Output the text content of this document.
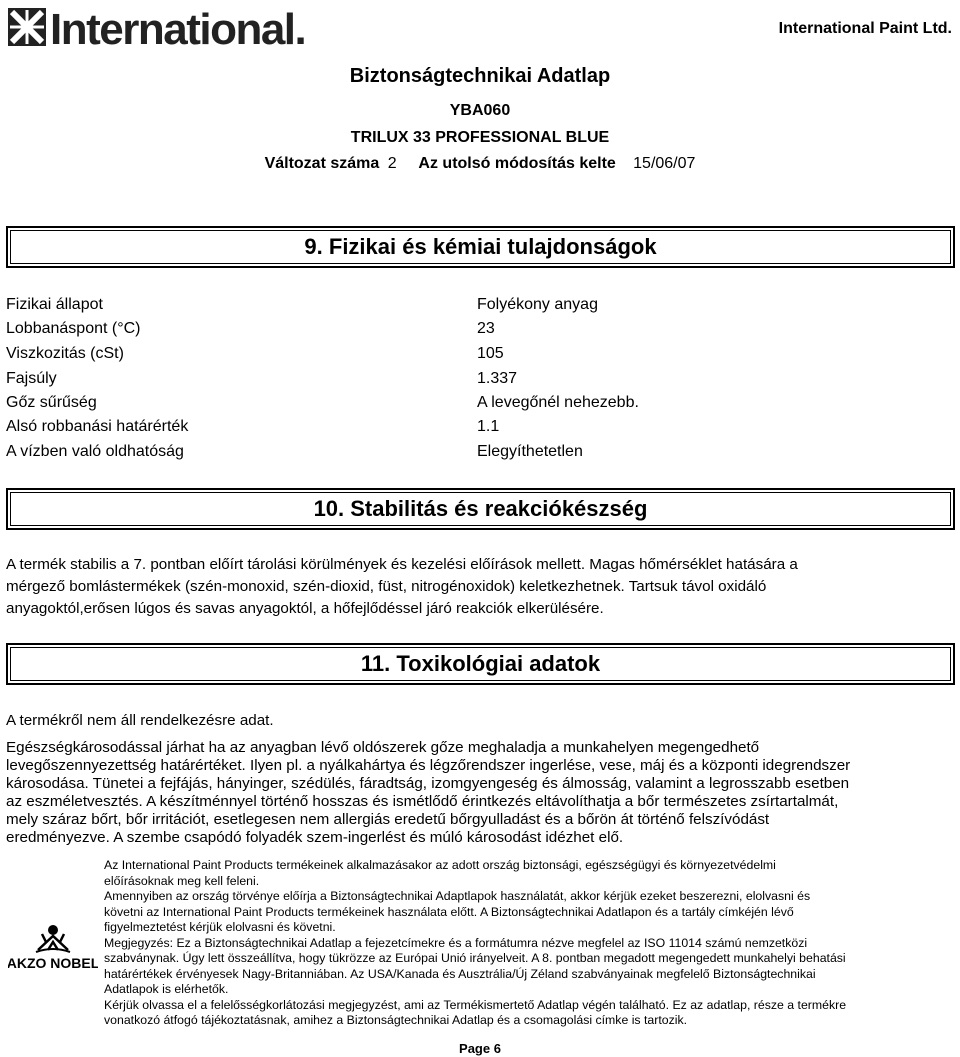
International.	International Paint Ltd.
Biztonságtechnikai Adatlap
YBA060
TRILUX 33 PROFESSIONAL BLUE
Változat száma 2 Az utolsó módosítás kelte 15/06/07
9. Fizikai és kémiai tulajdonságok
Fizikai állapot	Folyékony anyag
Lobbanáspont (°C)	23
Viszkozitás (cSt)	105
Fajsúly	1.337
Gőz sűrűség	A levegőnél nehezebb.
Alsó robbanási határérték	1.1
A vízben való oldhatóság	Elegyíthetetlen
10. Stabilitás és reakciókészség
A termék stabilis a 7. pontban előírt tárolási körülmények és kezelési előírások mellett. Magas hőmérséklet hatására a
mérgező bomlástermékek (szén-monoxid, szén-dioxid, füst, nitrogénoxidok) keletkezhetnek. Tartsuk távol oxidáló
anyagoktól,erősen lúgos és savas anyagoktól, a hőfejlődéssel járó reakciók elkerülésére.
11. Toxikológiai adatok
A termékről nem áll rendelkezésre adat.
Egészségkárosodással járhat ha az anyagban lévő oldószerek gőze meghaladja a munkahelyen megengedhető
levegőszennyezettség határértéket. Ilyen pl. a nyálkahártya és légzőrendszer ingerlése, vese, máj és a központi idegrendszer
károsodása. Tünetei a fejfájás, hányinger, szédülés, fáradtság, izomgyengeség és álmosság, valamint a legrosszabb esetben
az eszméletvesztés. A készítménnyel történő hosszas és ismétlődő érintkezés eltávolíthatja a bőr természetes zsírtartalmát,
mely száraz bőrt, bőr irritációt, esetlegesen nem allergiás eredetű bőrgyulladást és a bőrön át történő felszívódást
eredményezve. A szembe csapódó folyadék szem-ingerlést és múló károsodást idézhet elő.
AKZO NOBEL

Az International Paint Products termékeinek alkalmazásakor az adott ország biztonsági, egészségügyi és környezetvédelmi

előírásoknak meg kell feleni.

Amennyiben az ország törvénye előírja a Biztonságtechnikai Adaptlapok használatát, akkor kérjük ezeket beszerezni, elolvasni és

követni az International Paint Products termékeinek használata előtt. A Biztonságtechnikai Adatlapon és a tartály címkéjén lévő

figyelmeztetést kérjük elolvasni és követni.

Megjegyzés: Ez a Biztonságtechnikai Adatlap a fejezetcímekre és a formátumra nézve megfelel az ISO 11014 számú nemzetközi

szabványnak. Úgy lett összeállítva, hogy tükrözze az Európai Unió irányelveit. A 8. pontban megadott megengedett munkahelyi behatási

határértékek érvényesek Nagy-Britanniában. Az USA/Kanada és Ausztrália/Új Zéland szabványainak megfelelő Biztonságtechnikai

Adatlapok is elérhetők.

Kérjük olvassa el a felelősségkorlátozási megjegyzést, ami az Termékismertető Adatlap végén található. Ez az adatlap, része a termékre

vonatkozó átfogó tájékoztatásnak, amihez a Biztonságtechnikai Adatlap és a csomagolási címke is tartozik.

Page 6
